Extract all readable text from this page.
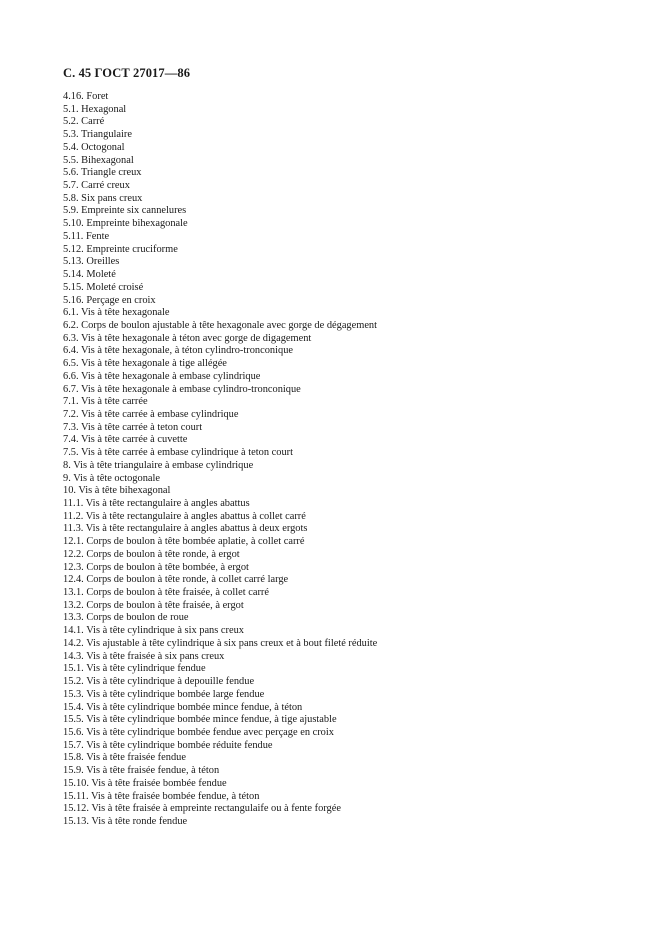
С. 45 ГОСТ 27017—86
4.16. Foret
5.1. Hexagonal
5.2. Carré
5.3. Triangulaire
5.4. Octogonal
5.5. Bihexagonal
5.6. Triangle creux
5.7. Carré creux
5.8. Six pans creux
5.9. Empreinte six cannelures
5.10. Empreinte bihexagonale
5.11. Fente
5.12. Empreinte cruciforme
5.13. Oreilles
5.14. Moleté
5.15. Moleté croisé
5.16. Perçage en croix
6.1. Vis à tête hexagonale
6.2. Corps de boulon ajustable à tête hexagonale avec gorge de dégagement
6.3. Vis à tête hexagonale à téton avec gorge de digagement
6.4. Vis à tête hexagonale, à téton cylindro-tronconique
6.5. Vis à tête hexagonale à tige allégée
6.6. Vis à tête hexagonale à embase cylindrique
6.7. Vis à tête hexagonale à embase cylindro-tronconique
7.1. Vis à tête carrée
7.2. Vis à tête carrée à embase cylindrique
7.3. Vis à tête carrée à teton court
7.4. Vis à tête carrée à cuvette
7.5. Vis à tête carrée à embase cylindrique à teton court
8. Vis à tête triangulaire à embase cylindrique
9. Vis à tête octogonale
10. Vis à tête bihexagonal
11.1. Vis à tête rectangulaire à angles abattus
11.2. Vis à tête rectangulaire à angles abattus à collet carré
11.3. Vis à tête rectangulaire à angles abattus à deux ergots
12.1. Corps de boulon à tête bombée aplatie, à collet carré
12.2. Corps de boulon à tête ronde, à ergot
12.3. Corps de boulon à tête bombée, à ergot
12.4. Corps de boulon à tête ronde, à collet carré large
13.1. Corps de boulon à tête fraisée, à collet carré
13.2. Corps de boulon à tête fraisée, à ergot
13.3. Corps de boulon de roue
14.1. Vis à tête cylindrique à six pans creux
14.2. Vis ajustable à tête cylindrique à six pans creux et à bout fileté réduite
14.3. Vis à tête fraisée à six pans creux
15.1. Vis à tête cylindrique fendue
15.2. Vis à tête cylindrique à depouille fendue
15.3. Vis à tête cylindrique bombée large fendue
15.4. Vis à tête cylindrique bombée mince fendue, à téton
15.5. Vis à tête cylindrique bombée mince fendue, à tige ajustable
15.6. Vis à tête cylindrique bombée fendue avec perçage en croix
15.7. Vis à tête cylindrique bombée réduite fendue
15.8. Vis à tête fraisée fendue
15.9. Vis à tête fraisée fendue, à téton
15.10. Vis à tête fraisée bombée fendue
15.11. Vis à tête fraisée bombée fendue, à téton
15.12. Vis à tête fraisée à empreinte rectangulaife ou à fente forgée
15.13. Vis à tête ronde fendue
